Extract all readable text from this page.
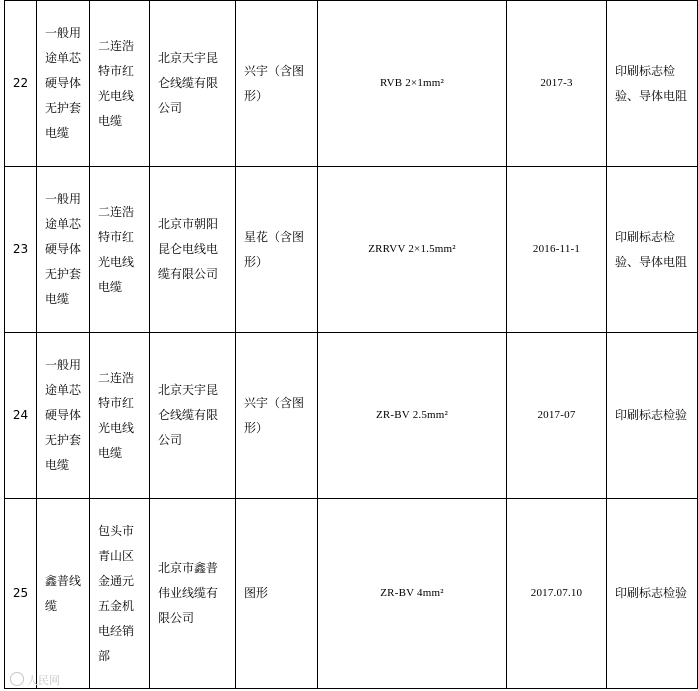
22	一般用途单芯硬导体无护套电缆	二连浩特市红光电线电缆	北京天宇昆仑线缆有限公司	兴宇（含图形）	RVB 2×1mm²	2017-3	印刷标志检验、导体电阻
23	一般用途单芯硬导体无护套电缆	二连浩特市红光电线电缆	北京市朝阳昆仑电线电缆有限公司	星花（含图形）	ZRRVV 2×1.5mm²	2016-11-1	印刷标志检验、导体电阻
24	一般用途单芯硬导体无护套电缆	二连浩特市红光电线电缆	北京天宇昆仑线缆有限公司	兴宇（含图形）	ZR-BV 2.5mm²	2017-07	印刷标志检验
25	鑫普线缆	包头市青山区金通元五金机电经销部	北京市鑫普伟业线缆有限公司	图形	ZR-BV 4mm²	2017.07.10	印刷标志检验
人民网
